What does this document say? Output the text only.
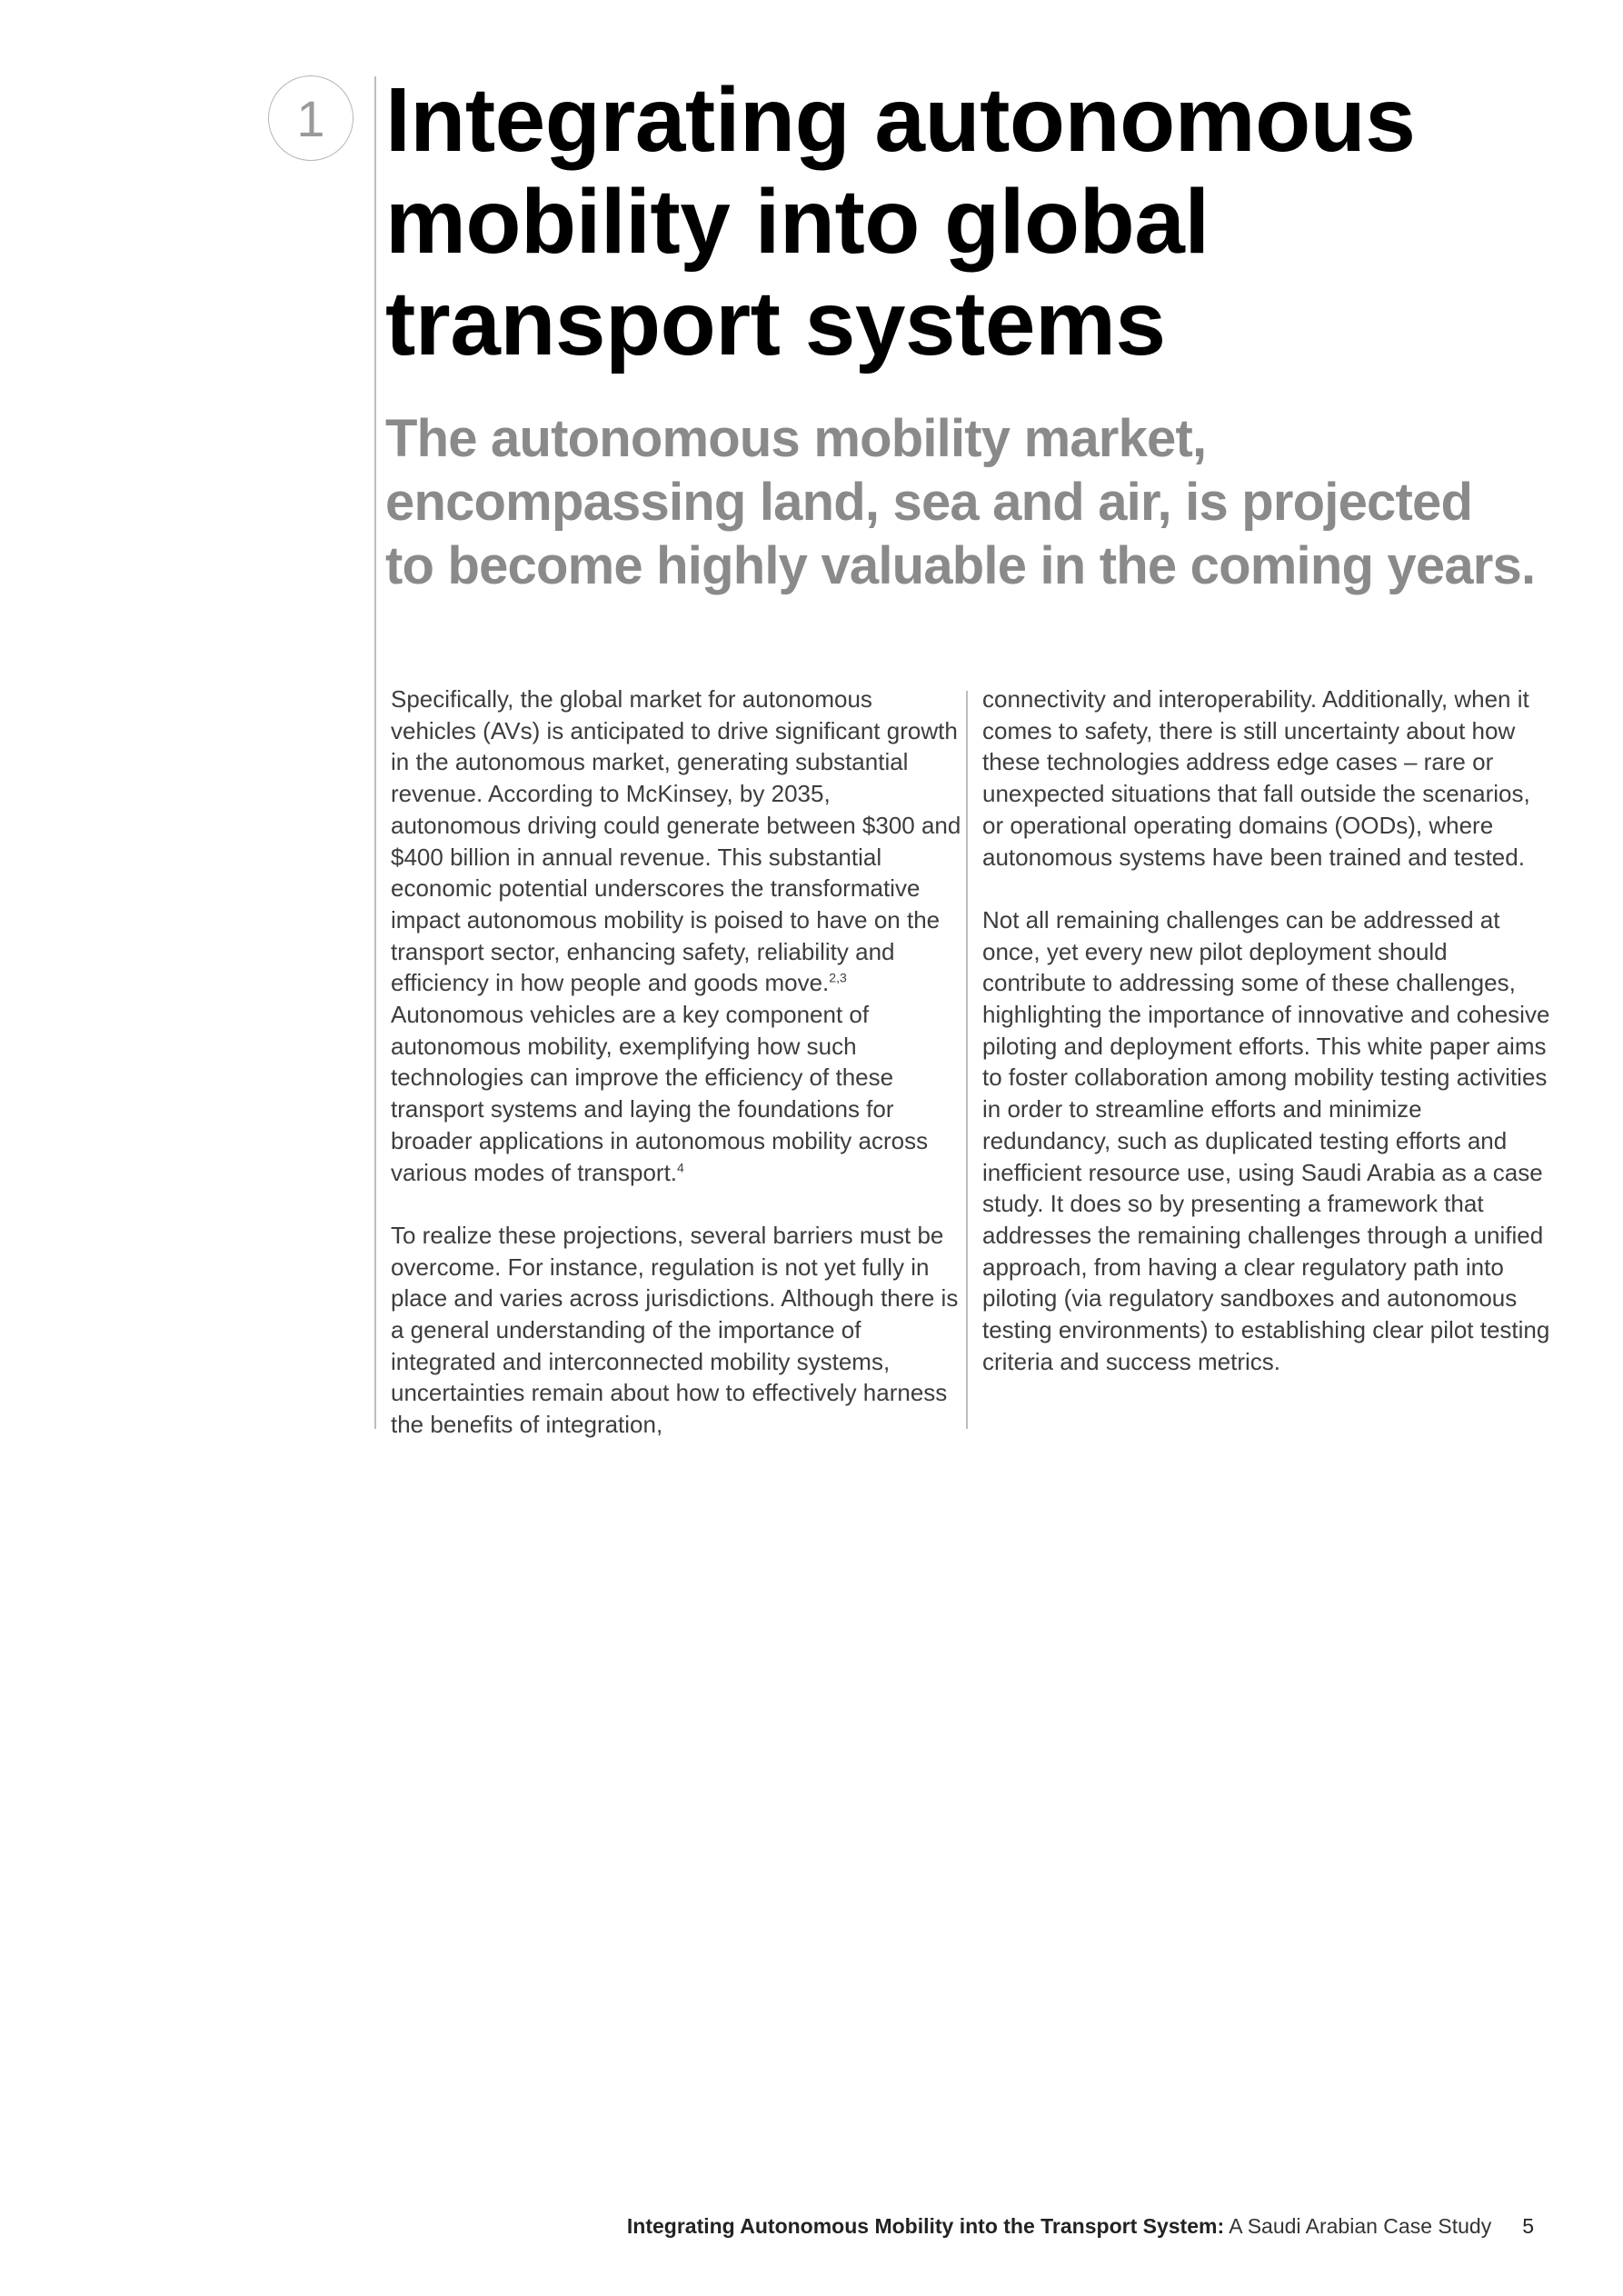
1 Integrating autonomous
mobility into global
transport systems
The autonomous mobility market,
encompassing land, sea and air, is projected
to become highly valuable in the coming years.

Specifically, the global market for autonomous vehicles (AVs) is anticipated to drive significant growth in the autonomous market, generating substantial revenue. According to McKinsey, by 2035, autonomous driving could generate between $300 and $400 billion in annual revenue. This substantial economic potential underscores the transformative impact autonomous mobility is poised to have on the transport sector, enhancing safety, reliability and efficiency in how people and goods move.$^{2,3}$ Autonomous vehicles are a key component of autonomous mobility, exemplifying how such technologies can improve the efficiency of these transport systems and laying the foundations for broader applications in autonomous mobility across various modes of transport.$^4$

To realize these projections, several barriers must be overcome. For instance, regulation is not yet fully in place and varies across jurisdictions. Although there is a general understanding of the importance of integrated and interconnected mobility systems, uncertainties remain about how to effectively harness the benefits of integration,

connectivity and interoperability. Additionally, when it comes to safety, there is still uncertainty about how these technologies address edge cases – rare or unexpected situations that fall outside the scenarios, or operational operating domains (OODs), where autonomous systems have been trained and tested.

Not all remaining challenges can be addressed at once, yet every new pilot deployment should contribute to addressing some of these challenges, highlighting the importance of innovative and cohesive piloting and deployment efforts. This white paper aims to foster collaboration among mobility testing activities in order to streamline efforts and minimize redundancy, such as duplicated testing efforts and inefficient resource use, using Saudi Arabia as a case study. It does so by presenting a framework that addresses the remaining challenges through a unified approach, from having a clear regulatory path into piloting (via regulatory sandboxes and autonomous testing environments) to establishing clear pilot testing criteria and success metrics.

Integrating Autonomous Mobility into the Transport System: A Saudi Arabian Case Study 5
